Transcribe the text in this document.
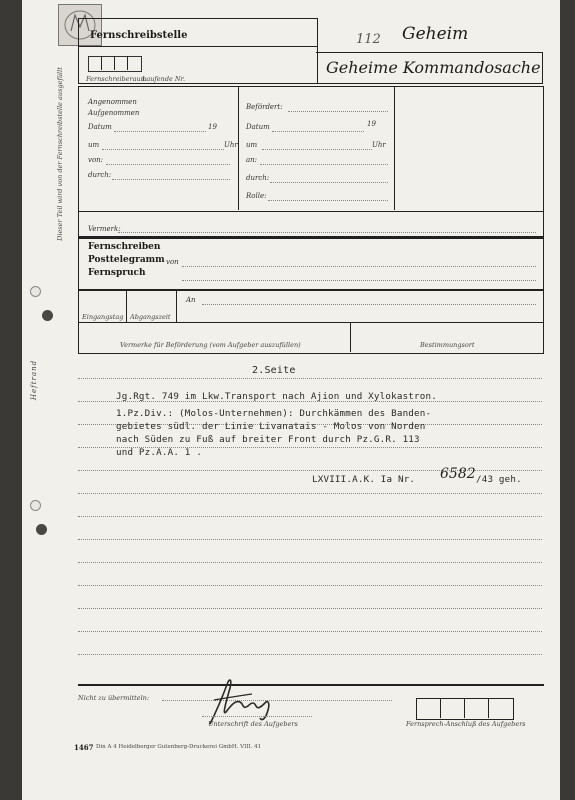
Fernschreibstelle
Fernschreiberaum
Laufende Nr.
Geheim
112
Geheime Kommandosache
Dieser Teil wird von der Fernschreibstelle ausgefüllt	Angenommen
Aufgenommen
Datum	19
um	Uhr
von:
durch:
Befördert:
Datum	19
um	Uhr
an:
durch:
Rolle:
Vermerk:
Fernschreiben
Posttelegramm von
Fernspruch
Eingangstag Abgangszeit
An
Vermerke für Beförderung (vom Aufgeber auszufüllen)	Bestimmungsort
Heftrand	2.Seite
Jg.Rgt. 749 im Lkw.Transport nach Ajion und Xylokastron.
1.Pz.Div.: (Molos-Unternehmen): Durchkämmen des Banden-
gebietes südl. der Linie Livanatais - Molos von Norden
nach Süden zu Fuß auf breiter Front durch Pz.G.R. 113
und Pz.A.A. 1 .
LXVIII.A.K. Ia Nr. 6582 /43 geh.
Nicht zu übermitteln:
Unterschrift des Aufgebers	Fernsprech-Anschluß des Aufgebers
1467 Din A 4 Heidelberger Gutenberg-Druckerei GmbH. VIII. 41
